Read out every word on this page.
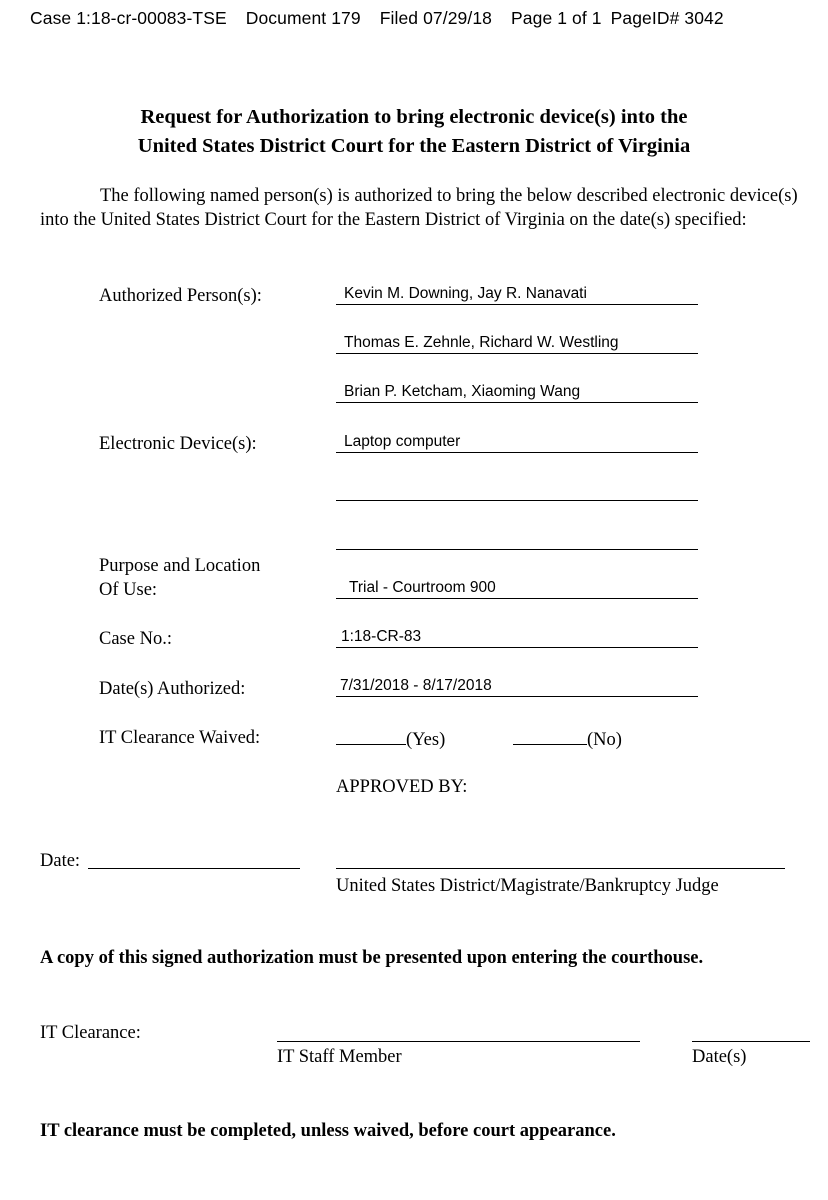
Case 1:18-cr-00083-TSE Document 179 Filed 07/29/18 Page 1 of 1 PageID# 3042
Request for Authorization to bring electronic device(s) into the
United States District Court for the Eastern District of Virginia
The following named person(s) is authorized to bring the below described electronic device(s) into the United States District Court for the Eastern District of Virginia on the date(s) specified:
Authorized Person(s):	Kevin M. Downing, Jay R. Nanavati
Thomas E. Zehnle, Richard W. Westling
Brian P. Ketcham, Xiaoming Wang
Electronic Device(s):	Laptop computer
Purpose and Location
Of Use:	Trial - Courtroom 900
Case No.:	1:18-CR-83
Date(s) Authorized:	7/31/2018 - 8/17/2018
IT Clearance Waived:	(Yes)	(No)
APPROVED BY:
Date:
United States District/Magistrate/Bankruptcy Judge
A copy of this signed authorization must be presented upon entering the courthouse.
IT Clearance:
IT Staff Member	Date(s)
IT clearance must be completed, unless waived, before court appearance.
